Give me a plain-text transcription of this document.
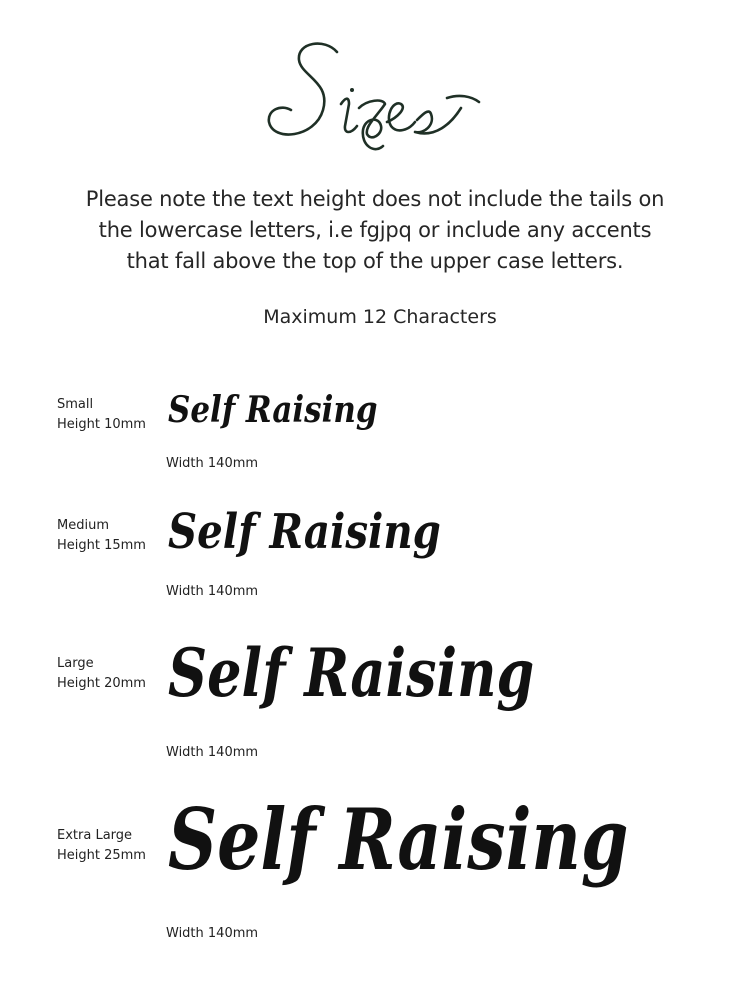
Please note the text height does not include the tails on
the lowercase letters, i.e fgjpq or include any accents
that fall above the top of the upper case letters.
Maximum 12 Characters
Small
Height 10mm Self Raising
Width 140mm
Medium
Height 15mm Self Raising
Width 140mm
Large
Height 20mm Self Raising
Width 140mm
Extra Large
Height 25mm Self Raising
Width 140mm
